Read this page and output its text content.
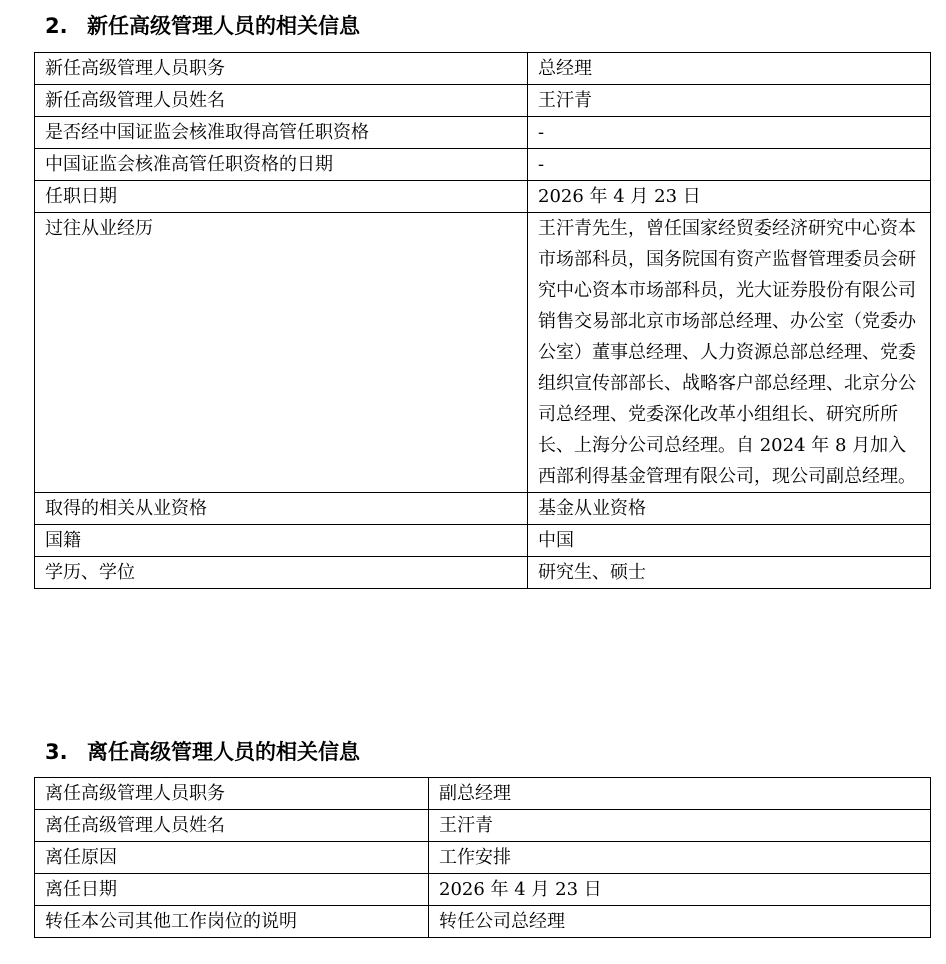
2. 新任高级管理人员的相关信息
新任高级管理人员职务	总经理
新任高级管理人员姓名	王汗青
是否经中国证监会核准取得高管任职资格	-
中国证监会核准高管任职资格的日期	-
任职日期	2026 年 4 月 23 日
过往从业经历	王汗青先生，曾任国家经贸委经济研究中心资本市场部科员，国务院国有资产监督管理委员会研究中心资本市场部科员，光大证券股份有限公司销售交易部北京市场部总经理、办公室（党委办公室）董事总经理、人力资源总部总经理、党委组织宣传部部长、战略客户部总经理、北京分公司总经理、党委深化改革小组组长、研究所所长、上海分公司总经理。自 2024 年 8 月加入西部利得基金管理有限公司，现公司副总经理。
取得的相关从业资格	基金从业资格
国籍	中国
学历、学位	研究生、硕士
3. 离任高级管理人员的相关信息
离任高级管理人员职务	副总经理
离任高级管理人员姓名	王汗青
离任原因	工作安排
离任日期	2026 年 4 月 23 日
转任本公司其他工作岗位的说明	转任公司总经理
